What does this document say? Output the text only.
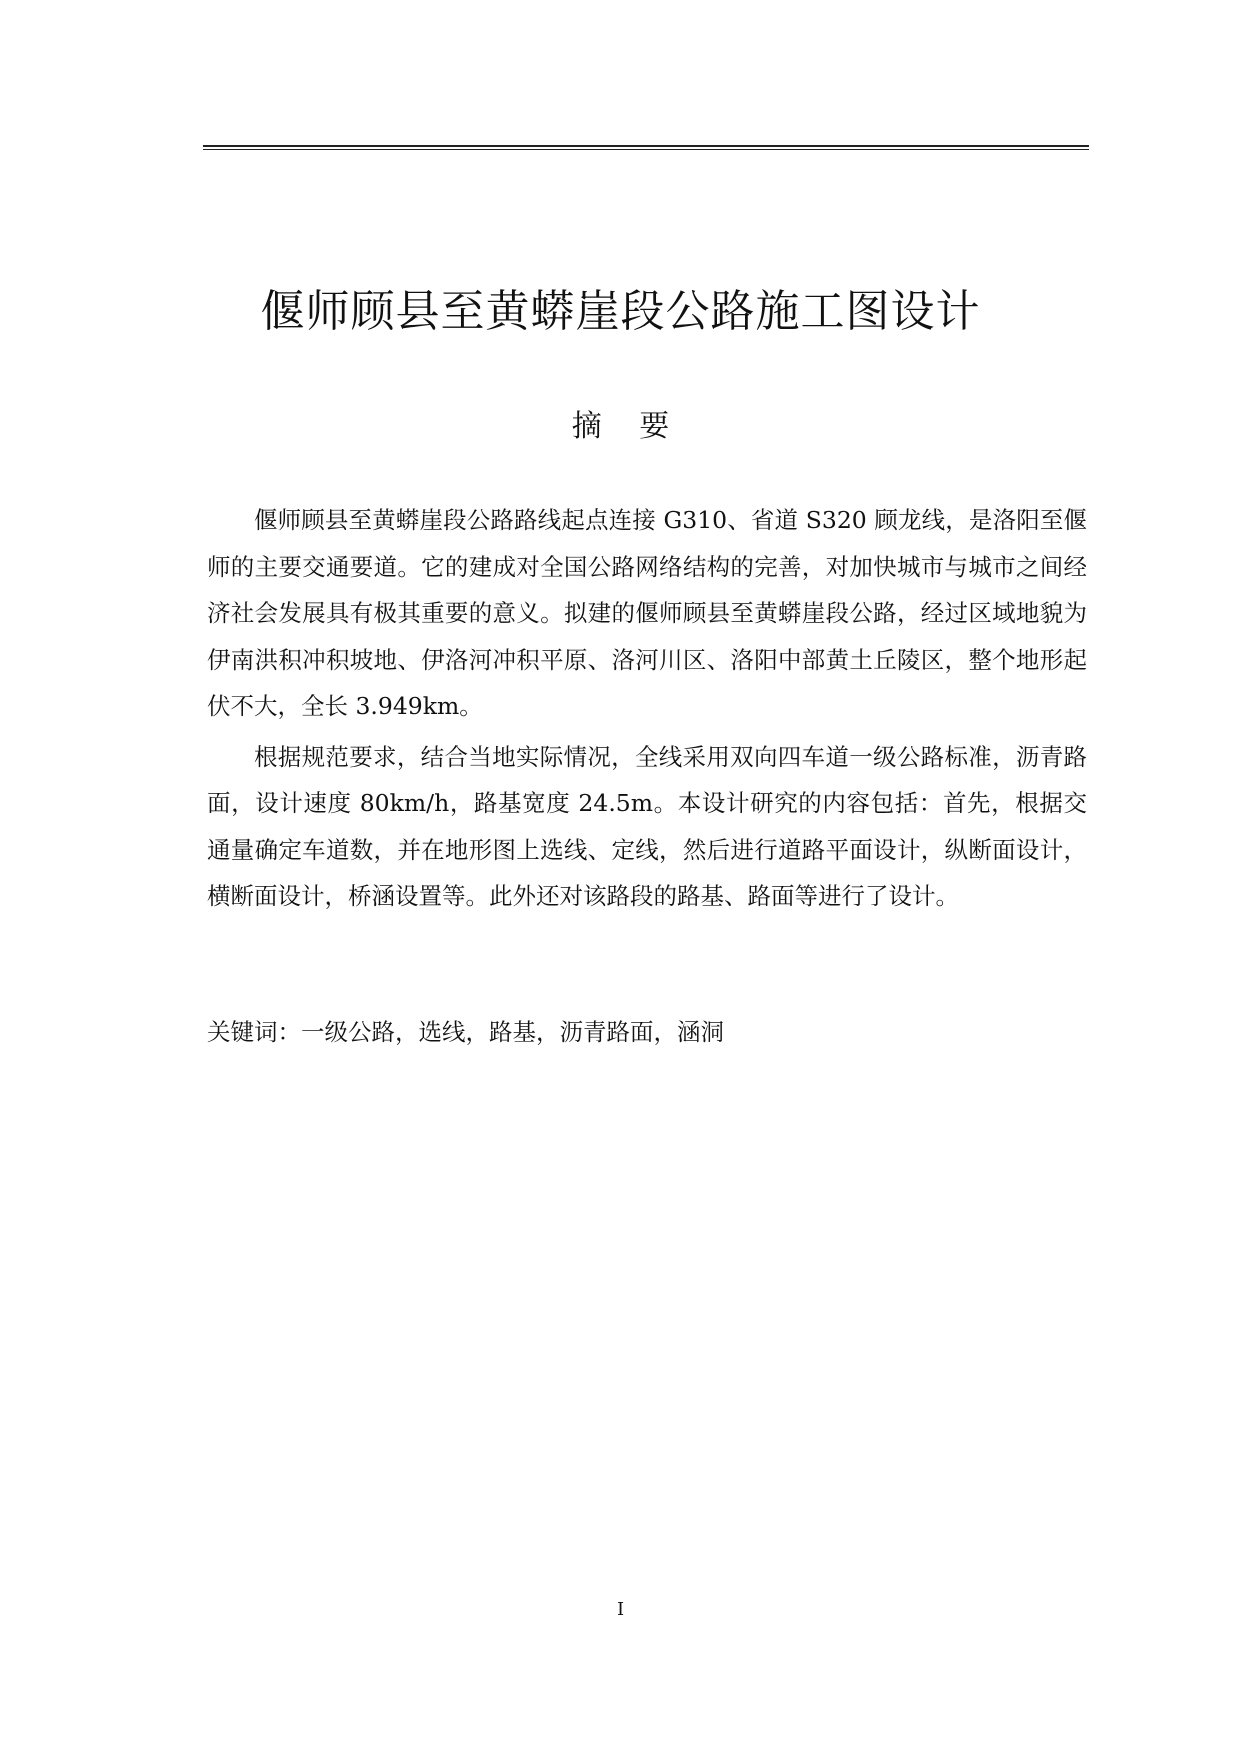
偃师顾县至黄蟒崖段公路施工图设计
摘 要

偃师顾县至黄蟒崖段公路路线起点连接 G310、省道 S320 顾龙线，是洛阳至偃师的主要交通要道。它的建成对全国公路网络结构的完善，对加快城市与城市之间经济社会发展具有极其重要的意义。拟建的偃师顾县至黄蟒崖段公路，经过区域地貌为伊南洪积冲积坡地、伊洛河冲积平原、洛河川区、洛阳中部黄土丘陵区，整个地形起伏不大，全长 3.949km。

根据规范要求，结合当地实际情况，全线采用双向四车道一级公路标准，沥青路面，设计速度 80km/h，路基宽度 24.5m。本设计研究的内容包括：首先，根据交通量确定车道数，并在地形图上选线、定线，然后进行道路平面设计，纵断面设计，横断面设计，桥涵设置等。此外还对该路段的路基、路面等进行了设计。

关键词：一级公路，选线，路基，沥青路面，涵洞
I
